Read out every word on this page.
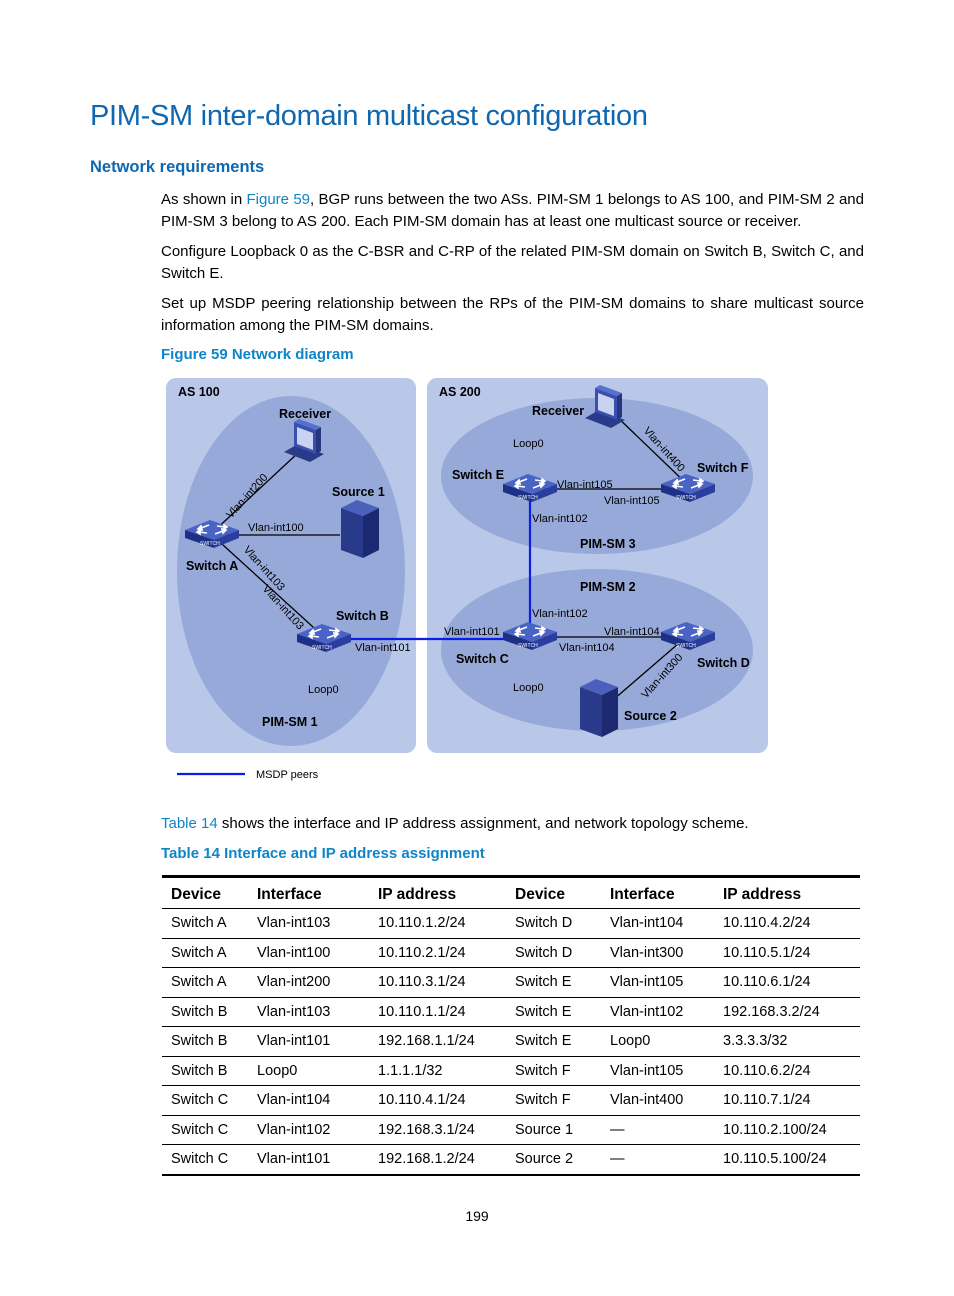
PIM-SM inter-domain multicast configuration
Network requirements

As shown in Figure 59, BGP runs between the two ASs. PIM-SM 1 belongs to AS 100, and PIM-SM 2 and PIM-SM 3 belong to AS 200. Each PIM-SM domain has at least one multicast source or receiver.

Configure Loopback 0 as the C-BSR and C-RP of the related PIM-SM domain on Switch B, Switch C, and Switch E.

Set up MSDP peering relationship between the RPs of the PIM-SM domains to share multicast source information among the PIM-SM domains.

Figure 59 Network diagram

SWITCH
SWITCH	SWITCH	SWITCH
SWITCH	SWITCH
AS 100	AS 200
PIM-SM 1
PIM-SM 2
PIM-SM 3
Switch A
Switch B
Switch C	Switch D
Switch E	Switch F
Receiver	Receiver
Source 1
Source 2
Vlan-int200
Vlan-int100
Vlan-int103
Vlan-int103
Vlan-int101
Vlan-int101
Vlan-int102
Vlan-int104
Vlan-int104
Vlan-int300
Vlan-int102
Vlan-int105
Vlan-int105
Vlan-int400
Loop0	Loop0
Loop0
MSDP peers

Table 14 shows the interface and IP address assignment, and network topology scheme.

Table 14 Interface and IP address assignment

Device	Interface	IP address	Device	Interface	IP address
Switch A	Vlan-int103	10.110.1.2/24	Switch D	Vlan-int104	10.110.4.2/24
Switch A	Vlan-int100	10.110.2.1/24	Switch D	Vlan-int300	10.110.5.1/24
Switch A	Vlan-int200	10.110.3.1/24	Switch E	Vlan-int105	10.110.6.1/24
Switch B	Vlan-int103	10.110.1.1/24	Switch E	Vlan-int102	192.168.3.2/24
Switch B	Vlan-int101	192.168.1.1/24	Switch E	Loop0	3.3.3.3/32
Switch B	Loop0	1.1.1.1/32	Switch F	Vlan-int105	10.110.6.2/24
Switch C	Vlan-int104	10.110.4.1/24	Switch F	Vlan-int400	10.110.7.1/24
Switch C	Vlan-int102	192.168.3.1/24	Source 1	—	10.110.2.100/24
Switch C	Vlan-int101	192.168.1.2/24	Source 2	—	10.110.5.100/24
199
